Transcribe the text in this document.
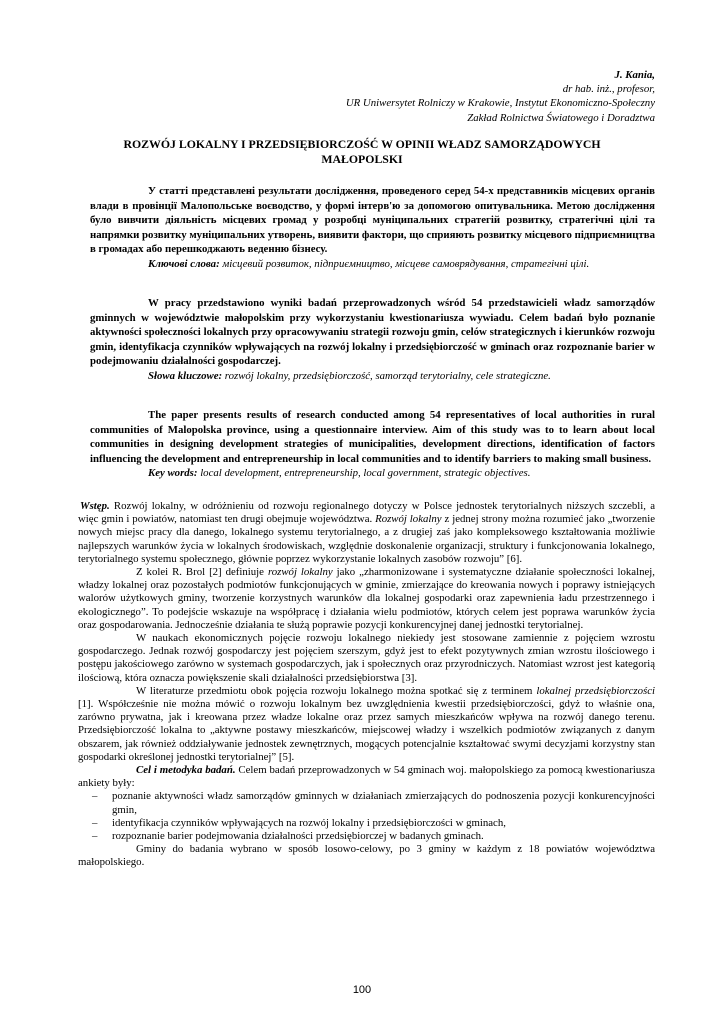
J. Kania,
dr hab. inż., profesor,
UR Uniwersytet Rolniczy w Krakowie, Instytut Ekonomiczno-Społeczny
Zakład Rolnictwa Światowego i Doradztwa
ROZWÓJ LOKALNY I PRZEDSIĘBIORCZOŚĆ W OPINII WŁADZ SAMORZĄDOWYCH
MAŁOPOLSKI

У статті представлені результати дослідження, проведеного серед 54-х представників місцевих органів влади в провінції Малопольське воєводство, у формі інтерв'ю за допомогою опитувальника. Метою дослідження було вивчити діяльність місцевих громад у розробці муніципальних стратегій розвитку, стратегічні цілі та напрямки розвитку муніципальних утворень, виявити фактори, що сприяють розвитку місцевого підприємництва в громадах або перешкоджають веденню бізнесу.

Ключові слова: місцевий розвиток, підприємництво, місцеве самоврядування, стратегічні цілі.

W pracy przedstawiono wyniki badań przeprowadzonych wśród 54 przedstawicieli władz samorządów gminnych w województwie małopolskim przy wykorzystaniu kwestionariusza wywiadu. Celem badań było poznanie aktywności społeczności lokalnych przy opracowywaniu strategii rozwoju gmin, celów strategicznych i kierunków rozwoju gmin, identyfikacja czynników wpływających na rozwój lokalny i przedsiębiorczość w gminach oraz rozpoznanie barier w podejmowaniu działalności gospodarczej.

Słowa kluczowe: rozwój lokalny, przedsiębiorczość, samorząd terytorialny, cele strategiczne.

The paper presents results of research conducted among 54 representatives of local authorities in rural communities of Malopolska province, using a questionnaire interview. Aim of this study was to to learn about local communities in designing development strategies of municipalities, development directions, identification of factors influencing the development and entrepreneurship in local communities and to identify barriers to making small business.

Key words: local development, entrepreneurship, local government, strategic objectives.

Wstęp. Rozwój lokalny, w odróżnieniu od rozwoju regionalnego dotyczy w Polsce jednostek terytorialnych niższych szczebli, a więc gmin i powiatów, natomiast ten drugi obejmuje województwa. Rozwój lokalny z jednej strony można rozumieć jako „tworzenie nowych miejsc pracy dla danego, lokalnego systemu terytorialnego, a z drugiej zaś jako kompleksowego kształtowania możliwie najlepszych warunków życia w lokalnych środowiskach, względnie doskonalenie organizacji, struktury i funkcjonowania lokalnego, terytorialnego systemu społecznego, głównie poprzez wykorzystanie lokalnych zasobów rozwoju” [6].

Z kolei R. Brol [2] definiuje rozwój lokalny jako „zharmonizowane i systematyczne działanie społeczności lokalnej, władzy lokalnej oraz pozostałych podmiotów funkcjonujących w gminie, zmierzające do kreowania nowych i poprawy istniejących walorów użytkowych gminy, tworzenie korzystnych warunków dla lokalnej gospodarki oraz zapewnienia ładu przestrzennego i ekologicznego”. To podejście wskazuje na współpracę i działania wielu podmiotów, których celem jest poprawa warunków życia oraz gospodarowania. Jednocześnie działania te służą poprawie pozycji konkurencyjnej danej jednostki terytorialnej.

W naukach ekonomicznych pojęcie rozwoju lokalnego niekiedy jest stosowane zamiennie z pojęciem wzrostu gospodarczego. Jednak rozwój gospodarczy jest pojęciem szerszym, gdyż jest to efekt pozytywnych zmian wzrostu ilościowego i postępu jakościowego zarówno w systemach gospodarczych, jak i społecznych oraz przyrodniczych. Natomiast wzrost jest kategorią ilościową, która oznacza powiększenie skali działalności przedsiębiorstwa [3].

W literaturze przedmiotu obok pojęcia rozwoju lokalnego można spotkać się z terminem lokalnej przedsiębiorczości [1]. Współcześnie nie można mówić o rozwoju lokalnym bez uwzględnienia kwestii przedsiębiorczości, gdyż to właśnie ona, zarówno prywatna, jak i kreowana przez władze lokalne oraz przez samych mieszkańców wpływa na rozwój danego terenu. Przedsiębiorczość lokalna to „aktywne postawy mieszkańców, miejscowej władzy i wszelkich podmiotów związanych z danym obszarem, jak również oddziaływanie jednostek zewnętrznych, mogących potencjalnie kształtować swymi decyzjami korzystny stan gospodarki określonej jednostki terytorialnej” [5].

Cel i metodyka badań. Celem badań przeprowadzonych w 54 gminach woj. małopolskiego za pomocą kwestionariusza ankiety były:

– poznanie aktywności władz samorządów gminnych w działaniach zmierzających do podnoszenia pozycji konkurencyjności gmin,
– identyfikacja czynników wpływających na rozwój lokalny i przedsiębiorczości w gminach,
– rozpoznanie barier podejmowania działalności przedsiębiorczej w badanych gminach.

Gminy do badania wybrano w sposób losowo-celowy, po 3 gminy w każdym z 18 powiatów województwa małopolskiego.

100
